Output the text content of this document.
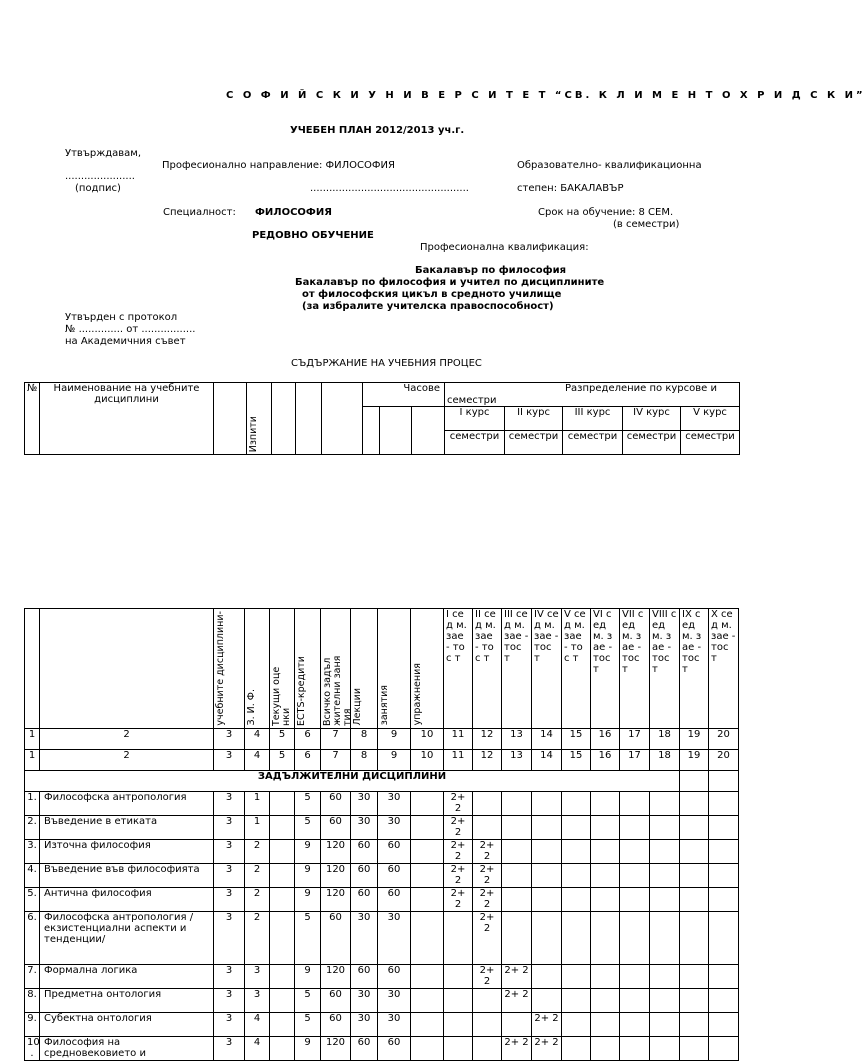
С О Ф И Й С К И У Н И В Е Р С И Т Е Т “СВ. К Л И М Е Н Т О Х Р И Д С К И”
УЧЕБЕН ПЛАН 2012/2013 уч.г.
Утвърждавам,
......................
(подпис)
Професионално направление: ФИЛОСОФИЯ
..................................................
Образователно- квалификационна
степен: БАКАЛАВЪР
Специалност: ФИЛОСОФИЯ	Срок на обучение: 8 СЕМ.
(в семестри)
РЕДОВНО ОБУЧЕНИЕ
Професионална квалификация:
Бакалавър по философия
Бакалавър по философия и учител по дисциплините
от философския цикъл в средното училище
(за избралите учителска правоспособност)
Утвърден с протокол
№ .............. от .................
на Академичния съвет
СЪДЪРЖАНИЕ НА УЧЕБНИЯ ПРОЦЕС
№	Наименование на учебните дисциплини		Изпити				Часове			Разпределение по курсове и
семестри				

										I курс	II курс	III курс	IV курс	V курс
										семестри	семестри	семестри	семестри	семестри

		учебните дисциплини-	З. И. Ф.	Текущи оценки	ECTS-кредити	Всичко задължителни занятия	Лекции	занятия	упражнения	I сед м. зае - тос т	II сед м. зае - тос т	III сед м. зае - тос т	IV сед м. зае - тос т	V сед м. зае - тос т	VI сед м. зае - тос т	VII сед м. зае - тос т	VIII сед м. зае - тос т	IX сед м. зае - тос т	X сед м. зае - тос т
1	2	3	4	5	6	7	8	9	10	11	12	13	14	15	16	17	18	19	20
1	2	3	4	5	6	7	8	9	10	11	12	13	14	15	16	17	18	19	20
ЗАДЪЛЖИТЕЛНИ ДИСЦИПЛИНИ																			
1.	Философска антропология	3	1		5	60	30	30		2+ 2									
2.	Въведение в етиката	3	1		5	60	30	30		2+ 2									
3.	Източна философия	3	2		9	120	60	60		2+ 2	2+ 2								
4.	Въведение във философията	3	2		9	120	60	60		2+ 2	2+ 2								
5.	Антична философия	3	2		9	120	60	60		2+ 2	2+ 2								
6.	Философска антропология /екзистенциални аспекти и тенденции/	3	2		5	60	30	30			2+ 2								
7.	Формална логика	3	3		9	120	60	60			2+ 2	2+ 2							
8.	Предметна онтология	3	3		5	60	30	30				2+ 2							
9.	Субектна онтология	3	4		5	60	30	30					2+ 2						
10 .	Философия на средновековието и	3	4		9	120	60	60				2+ 2	2+ 2						
